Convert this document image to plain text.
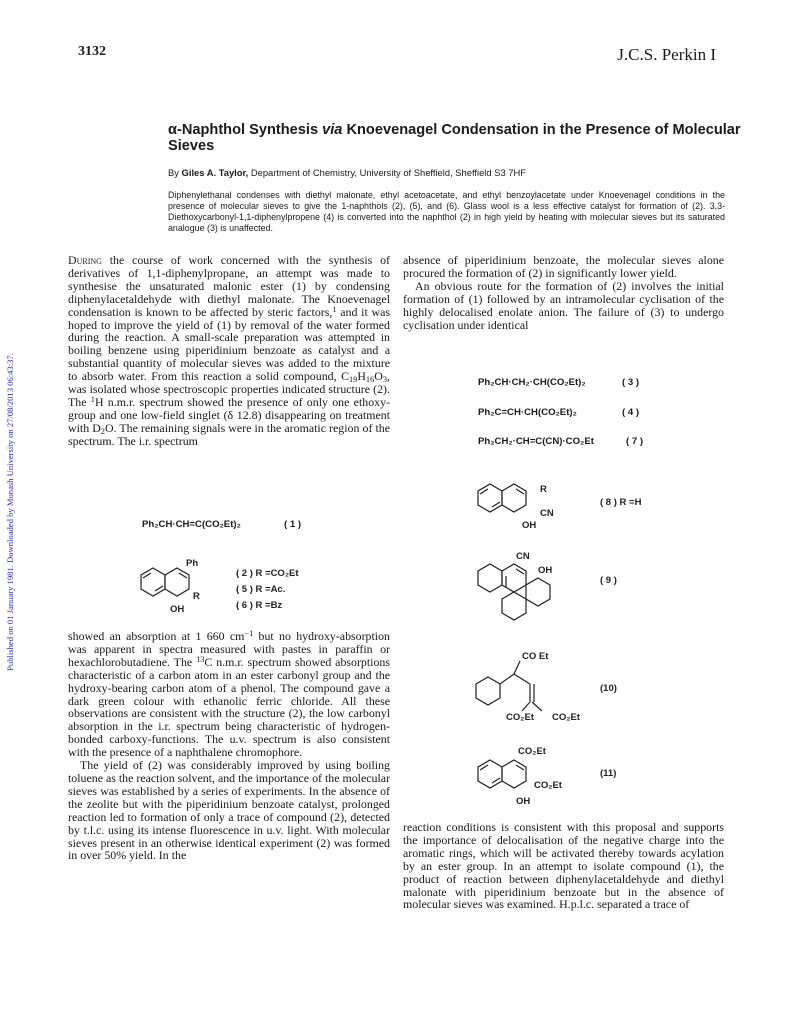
3132	J.C.S. Perkin I
Published on 01 January 1981. Downloaded by Monash University on 27/08/2013 06:43:37.
α-Naphthol Synthesis via Knoevenagel Condensation in the Presence of Molecular Sieves
By Giles A. Taylor, Department of Chemistry, University of Sheffield, Sheffield S3 7HF
Diphenylethanal condenses with diethyl malonate, ethyl acetoacetate, and ethyl benzoylacetate under Knoevenagel conditions in the presence of molecular sieves to give the 1-naphthols (2), (5), and (6). Glass wool is a less effective catalyst for formation of (2). 3,3-Diethoxycarbonyl-1,1-diphenylpropene (4) is converted into the naphthol (2) in high yield by heating with molecular sieves but its saturated analogue (3) is unaffected.

During the course of work concerned with the synthesis of derivatives of 1,1-diphenylpropane, an attempt was made to synthesise the unsaturated malonic ester (1) by condensing diphenylacetaldehyde with diethyl malonate. The Knoevenagel condensation is known to be affected by steric factors,$^1$ and it was hoped to improve the yield of (1) by removal of the water formed during the reaction. A small-scale preparation was attempted in boiling benzene using piperidinium benzoate as catalyst and a substantial quantity of molecular sieves was added to the mixture to absorb water. From this reaction a solid compound, $C_{19}H_{16}O_3$, was isolated whose spectroscopic properties indicated structure (2). The $^1$H n.m.r. spectrum showed the presence of only one ethoxy-group and one low-field singlet (δ 12.8) disappearing on treatment with $D_2O$. The remaining signals were in the aromatic region of the spectrum. The i.r. spectrum

Ph₂CH·CH=C(CO₂Et)₂	( 1 )
Ph
R
OH
( 2 ) R =CO₂Et
( 5 ) R =Ac.
( 6 ) R =Bz

showed an absorption at 1 660 $cm^{-1}$ but no hydroxy-absorption was apparent in spectra measured with pastes in paraffin or hexachlorobutadiene. The $^{13}$C n.m.r. spectrum showed absorptions characteristic of a carbon atom in an ester carbonyl group and the hydroxy-bearing carbon atom of a phenol. The compound gave a dark green colour with ethanolic ferric chloride. All these observations are consistent with the structure (2), the low carbonyl absorption in the i.r. spectrum being characteristic of hydrogen-bonded carboxy-functions. The u.v. spectrum is also consistent with the presence of a naphthalene chromophore.

The yield of (2) was considerably improved by using boiling toluene as the reaction solvent, and the importance of the molecular sieves was established by a series of experiments. In the absence of the zeolite but with the piperidinium benzoate catalyst, prolonged reaction led to formation of only a trace of compound (2), detected by t.l.c. using its intense fluorescence in u.v. light. With molecular sieves present in an otherwise identical experiment (2) was formed in over 50% yield. In the

absence of piperidinium benzoate, the molecular sieves alone procured the formation of (2) in significantly lower yield.

An obvious route for the formation of (2) involves the initial formation of (1) followed by an intramolecular cyclisation of the highly delocalised enolate anion. The failure of (3) to undergo cyclisation under identical

Ph₂CH·CH₂·CH(CO₂Et)₂	( 3 )
Ph₂C=CH·CH(CO₂Et)₂	( 4 )
Ph₂CH₂·CH=C(CN)·CO₂Et	( 7 )
R
CN
OH
( 8 ) R =H
CN
OH
( 9 )
CO Et
CO₂Et CO₂Et
(10)
CO₂Et
CO₂Et
OH
(11)

reaction conditions is consistent with this proposal and supports the importance of delocalisation of the negative charge into the aromatic rings, which will be activated thereby towards acylation by an ester group. In an attempt to isolate compound (1), the product of reaction between diphenylacetaldehyde and diethyl malonate with piperidinium benzoate but in the absence of molecular sieves was examined. H.p.l.c. separated a trace of
